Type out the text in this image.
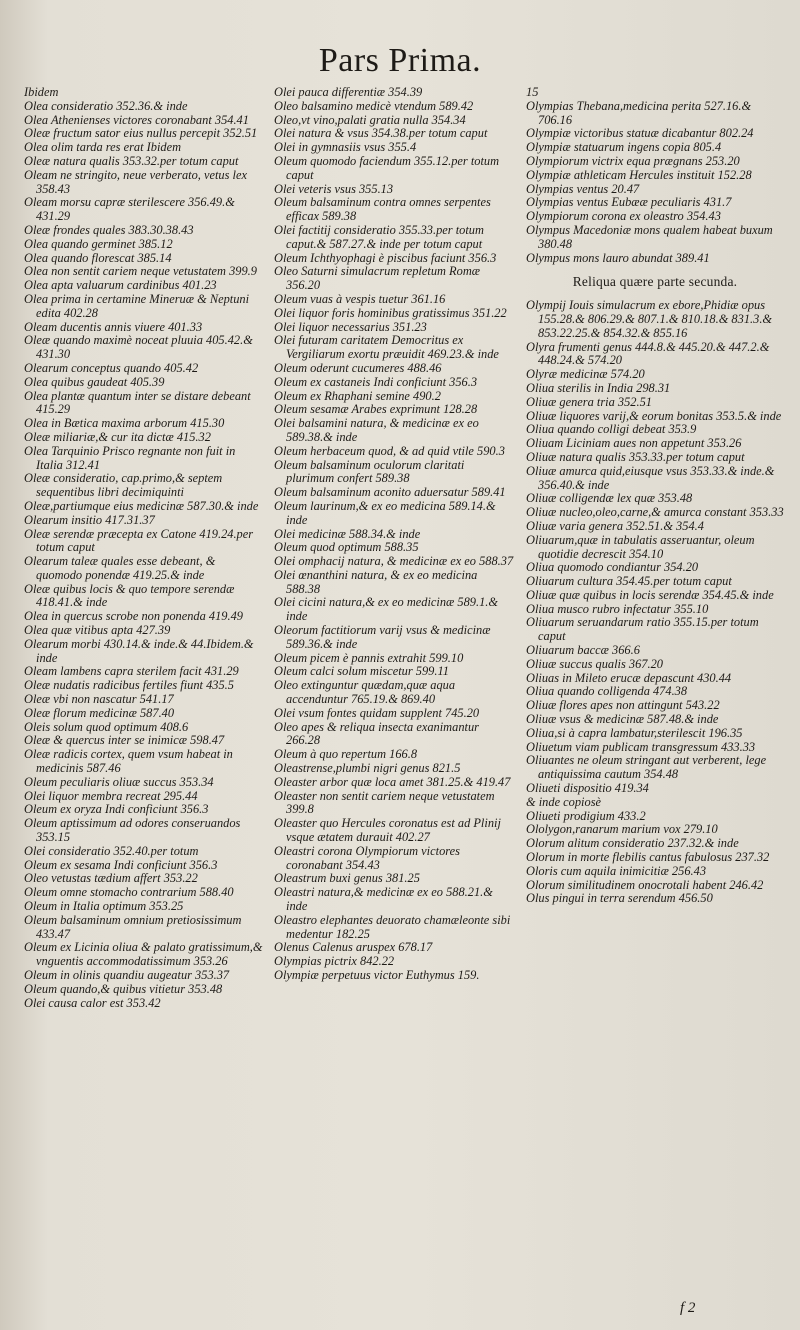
Pars Prima.

Ibidem

Olea consideratio 352.36.& inde

Olea Athenienses victores coronabant 354.41

Oleæ fructum sator eius nullus percepit 352.51

Olea olim tarda res erat Ibidem

Oleæ natura qualis 353.32.per totum caput

Oleam ne stringito, neue verberato, vetus lex 358.43

Oleam morsu capræ sterilescere 356.49.& 431.29

Oleæ frondes quales 383.30.38.43

Olea quando germinet 385.12

Olea quando florescat 385.14

Olea non sentit cariem neque vetustatem 399.9

Olea apta valuarum cardinibus 401.23

Olea prima in certamine Mineruæ & Neptuni edita 402.28

Oleam ducentis annis viuere 401.33

Oleæ quando maximè noceat pluuia 405.42.& 431.30

Olearum conceptus quando 405.42

Olea quibus gaudeat 405.39

Olea plantæ quantum inter se distare debeant 415.29

Olea in Bætica maxima arborum 415.30

Oleæ miliariæ,& cur ita dictæ 415.32

Olea Tarquinio Prisco regnante non fuit in Italia 312.41

Oleæ consideratio, cap.primo,& septem sequentibus libri decimiquinti

Oleæ,partiumque eius medicinæ 587.30.& inde

Olearum insitio 417.31.37

Oleæ serendæ præcepta ex Catone 419.24.per totum caput

Olearum taleæ quales esse debeant, & quomodo ponendæ 419.25.& inde

Oleæ quibus locis & quo tempore serendæ 418.41.& inde

Olea in quercus scrobe non ponenda 419.49

Olea quæ vitibus apta 427.39

Olearum morbi 430.14.& inde.& 44.Ibidem.& inde

Oleam lambens capra sterilem facit 431.29

Oleæ nudatis radicibus fertiles fiunt 435.5

Oleæ vbi non nascatur 541.17

Oleæ florum medicinæ 587.40

Oleis solum quod optimum 408.6

Oleæ & quercus inter se inimicæ 598.47

Oleæ radicis cortex, quem vsum habeat in medicinis 587.46

Oleum peculiaris oliuæ succus 353.34

Olei liquor membra recreat 295.44

Oleum ex oryza Indi conficiunt 356.3

Oleum aptissimum ad odores conseruandos 353.15

Olei consideratio 352.40.per totum

Oleum ex sesama Indi conficiunt 356.3

Oleo vetustas tædium affert 353.22

Oleum omne stomacho contrarium 588.40

Oleum in Italia optimum 353.25

Oleum balsaminum omnium pretiosissimum 433.47

Oleum ex Licinia oliua & palato gratissimum,& vnguentis accommodatissimum 353.26

Oleum in olinis quandiu augeatur 353.37

Oleum quando,& quibus vitietur 353.48

Olei causa calor est 353.42

Olei pauca differentiæ 354.39

Oleo balsamino medicè vtendum 589.42

Oleo,vt vino,palati gratia nulla 354.34

Olei natura & vsus 354.38.per totum caput

Olei in gymnasiis vsus 355.4

Oleum quomodo faciendum 355.12.per totum caput

Olei veteris vsus 355.13

Oleum balsaminum contra omnes serpentes efficax 589.38

Olei factitij consideratio 355.33.per totum caput.& 587.27.& inde per totum caput

Oleum Ichthyophagi è piscibus faciunt 356.3

Oleo Saturni simulacrum repletum Romæ 356.20

Oleum vuas à vespis tuetur 361.16

Olei liquor foris hominibus gratissimus 351.22

Olei liquor necessarius 351.23

Olei futuram caritatem Democritus ex Vergiliarum exortu præuidit 469.23.& inde

Oleum oderunt cucumeres 488.46

Oleum ex castaneis Indi conficiunt 356.3

Oleum ex Rhaphani semine 490.2

Oleum sesamæ Arabes exprimunt 128.28

Olei balsamini natura, & medicinæ ex eo 589.38.& inde

Oleum herbaceum quod, & ad quid vtile 590.3

Oleum balsaminum oculorum claritati plurimum confert 589.38

Oleum balsaminum aconito aduersatur 589.41

Oleum laurinum,& ex eo medicina 589.14.& inde

Olei medicinæ 588.34.& inde

Oleum quod optimum 588.35

Olei omphacij natura, & medicinæ ex eo 588.37

Olei œnanthini natura, & ex eo medicina 588.38

Olei cicini natura,& ex eo medicinæ 589.1.& inde

Oleorum factitiorum varij vsus & medicinæ 589.36.& inde

Oleum picem è pannis extrahit 599.10

Oleum calci solum miscetur 599.11

Oleo extinguntur quædam,quæ aqua accenduntur 765.19.& 869.40

Olei vsum fontes quidam supplent 745.20

Oleo apes & reliqua insecta exanimantur 266.28

Oleum à quo repertum 166.8

Oleastrense,plumbi nigri genus 821.5

Oleaster arbor quæ loca amet 381.25.& 419.47

Oleaster non sentit cariem neque vetustatem 399.8

Oleaster quo Hercules coronatus est ad Plinij vsque ætatem durauit 402.27

Oleastri corona Olympiorum victores coronabant 354.43

Oleastrum buxi genus 381.25

Oleastri natura,& medicinæ ex eo 588.21.& inde

Oleastro elephantes deuorato chamæleonte sibi medentur 182.25

Olenus Calenus aruspex 678.17

Olympias pictrix 842.22

Olympiæ perpetuus victor Euthymus 159.

15

Olympias Thebana,medicina perita 527.16.& 706.16

Olympiæ victoribus statuæ dicabantur 802.24

Olympiæ statuarum ingens copia 805.4

Olympiorum victrix equa prægnans 253.20

Olympiæ athleticam Hercules instituit 152.28

Olympias ventus 20.47

Olympias ventus Eubææ peculiaris 431.7

Olympiorum corona ex oleastro 354.43

Olympus Macedoniæ mons qualem habeat buxum 380.48

Olympus mons lauro abundat 389.41

Reliqua quære parte secunda.

Olympij Iouis simulacrum ex ebore,Phidiæ opus 155.28.& 806.29.& 807.1.& 810.18.& 831.3.& 853.22.25.& 854.32.& 855.16

Olyra frumenti genus 444.8.& 445.20.& 447.2.& 448.24.& 574.20

Olyræ medicinæ 574.20

Oliua sterilis in India 298.31

Oliuæ genera tria 352.51

Oliuæ liquores varij,& eorum bonitas 353.5.& inde

Oliua quando colligi debeat 353.9

Oliuam Liciniam aues non appetunt 353.26

Oliuæ natura qualis 353.33.per totum caput

Oliuæ amurca quid,eiusque vsus 353.33.& inde.& 356.40.& inde

Oliuæ colligendæ lex quæ 353.48

Oliuæ nucleo,oleo,carne,& amurca constant 353.33

Oliuæ varia genera 352.51.& 354.4

Oliuarum,quæ in tabulatis asseruantur, oleum quotidie decrescit 354.10

Oliua quomodo condiantur 354.20

Oliuarum cultura 354.45.per totum caput

Oliuæ quæ quibus in locis serendæ 354.45.& inde

Oliua musco rubro infectatur 355.10

Oliuarum seruandarum ratio 355.15.per totum caput

Oliuarum baccæ 366.6

Oliuæ succus qualis 367.20

Oliuas in Mileto erucæ depascunt 430.44

Oliua quando colligenda 474.38

Oliuæ flores apes non attingunt 543.22

Oliuæ vsus & medicinæ 587.48.& inde

Oliua,si à capra lambatur,sterilescit 196.35

Oliuetum viam publicam transgressum 433.33

Oliuantes ne oleum stringant aut verberent, lege antiquissima cautum 354.48

Oliueti dispositio 419.34

& inde copiosè

Oliueti prodigium 433.2

Ololygon,ranarum marium vox 279.10

Olorum alitum consideratio 237.32.& inde

Olorum in morte flebilis cantus fabulosus 237.32

Oloris cum aquila inimicitiæ 256.43

Olorum similitudinem onocrotali habent 246.42

Olus pingui in terra serendum 456.50

f 2
